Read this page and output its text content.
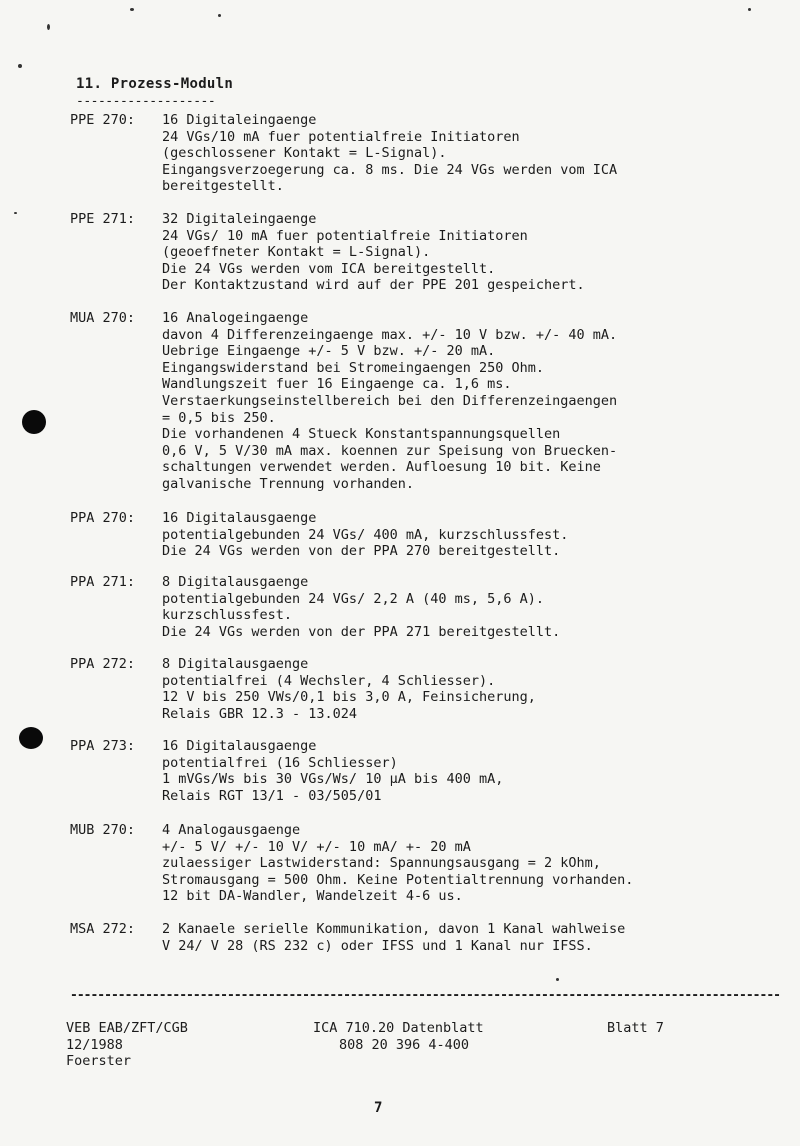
11. Prozess-Moduln
-------------------
PPE 270:	16 Digitaleingaenge
24 VGs/10 mA fuer potentialfreie Initiatoren
(geschlossener Kontakt = L-Signal).
Eingangsverzoegerung ca. 8 ms. Die 24 VGs werden vom ICA
bereitgestellt.
PPE 271:	32 Digitaleingaenge
24 VGs/ 10 mA fuer potentialfreie Initiatoren
(geoeffneter Kontakt = L-Signal).
Die 24 VGs werden vom ICA bereitgestellt.
Der Kontaktzustand wird auf der PPE 201 gespeichert.
MUA 270:	16 Analogeingaenge
davon 4 Differenzeingaenge max. +/- 10 V bzw. +/- 40 mA.
Uebrige Eingaenge +/- 5 V bzw. +/- 20 mA.
Eingangswiderstand bei Stromeingaengen 250 Ohm.
Wandlungszeit fuer 16 Eingaenge ca. 1,6 ms.
Verstaerkungseinstellbereich bei den Differenzeingaengen
= 0,5 bis 250.
Die vorhandenen 4 Stueck Konstantspannungsquellen
0,6 V, 5 V/30 mA max. koennen zur Speisung von Bruecken-
schaltungen verwendet werden. Aufloesung 10 bit. Keine
galvanische Trennung vorhanden.
PPA 270:	16 Digitalausgaenge
potentialgebunden 24 VGs/ 400 mA, kurzschlussfest.
Die 24 VGs werden von der PPA 270 bereitgestellt.
PPA 271:	8 Digitalausgaenge
potentialgebunden 24 VGs/ 2,2 A (40 ms, 5,6 A).
kurzschlussfest.
Die 24 VGs werden von der PPA 271 bereitgestellt.
PPA 272:	8 Digitalausgaenge
potentialfrei (4 Wechsler, 4 Schliesser).
12 V bis 250 VWs/0,1 bis 3,0 A, Feinsicherung,
Relais GBR 12.3 - 13.024
PPA 273:	16 Digitalausgaenge
potentialfrei (16 Schliesser)
1 mVGs/Ws bis 30 VGs/Ws/ 10 µA bis 400 mA,
Relais RGT 13/1 - 03/505/01
MUB 270:	4 Analogausgaenge
+/- 5 V/ +/- 10 V/ +/- 10 mA/ +- 20 mA
zulaessiger Lastwiderstand: Spannungsausgang = 2 kOhm,
Stromausgang = 500 Ohm. Keine Potentialtrennung vorhanden.
12 bit DA-Wandler, Wandelzeit 4-6 us.
MSA 272:	2 Kanaele serielle Kommunikation, davon 1 Kanal wahlweise
V 24/ V 28 (RS 232 c) oder IFSS und 1 Kanal nur IFSS.
--------------------------------------------------------------------------------------------------------
VEB EAB/ZFT/CGB
12/1988
Foerster
ICA 710.20 Datenblatt
808 20 396 4-400
Blatt 7
7
